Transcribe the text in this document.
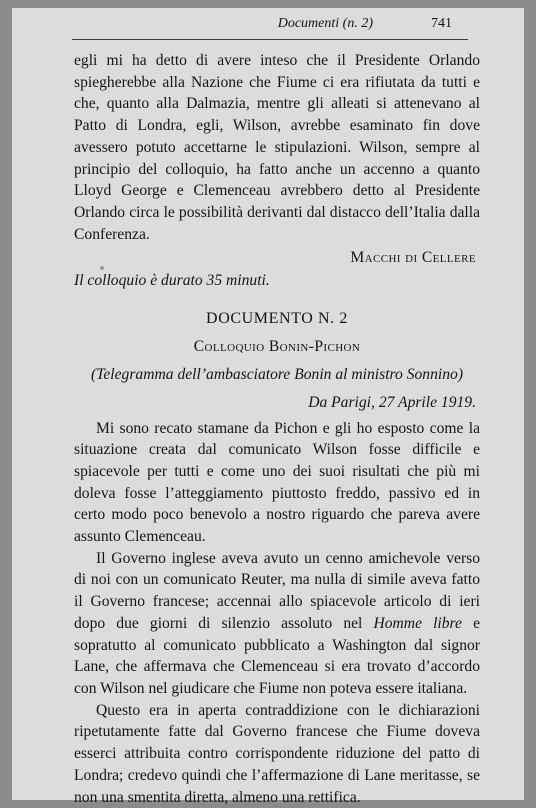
Documenti (n. 2)	741

egli mi ha detto di avere inteso che il Presidente Orlando spiegherebbe alla Nazione che Fiume ci era rifiutata da tutti e che, quanto alla Dalmazia, mentre gli alleati si attenevano al Patto di Londra, egli, Wilson, avrebbe esaminato fin dove avessero potuto accettarne le stipulazioni. Wilson, sempre al principio del colloquio, ha fatto anche un accenno a quanto Lloyd George e Clemenceau avrebbero detto al Presidente Orlando circa le possibilità derivanti dal distacco dell’Italia dalla Conferenza.

Macchi di Cellere

Il colloquio è durato 35 minuti.

DOCUMENTO N. 2

Colloquio Bonin-Pichon

(Telegramma dell’ambasciatore Bonin al ministro Sonnino)

Da Parigi, 27 Aprile 1919.

Mi sono recato stamane da Pichon e gli ho esposto come la situazione creata dal comunicato Wilson fosse difficile e spiacevole per tutti e come uno dei suoi risultati che più mi doleva fosse l’atteggiamento piuttosto freddo, passivo ed in certo modo poco benevolo a nostro riguardo che pareva avere assunto Clemenceau.

Il Governo inglese aveva avuto un cenno amichevole verso di noi con un comunicato Reuter, ma nulla di simile aveva fatto il Governo francese; accennai allo spiacevole articolo di ieri dopo due giorni di silenzio assoluto nel Homme libre e sopratutto al comunicato pubblicato a Washington dal signor Lane, che affermava che Clemenceau si era trovato d’accordo con Wilson nel giudicare che Fiume non poteva essere italiana.

Questo era in aperta contraddizione con le dichiarazioni ripetutamente fatte dal Governo francese che Fiume doveva esserci attribuita contro corrispondente riduzione del patto di Londra; credevo quindi che l’affermazione di Lane meritasse, se non una smentita diretta, almeno una rettifica.
